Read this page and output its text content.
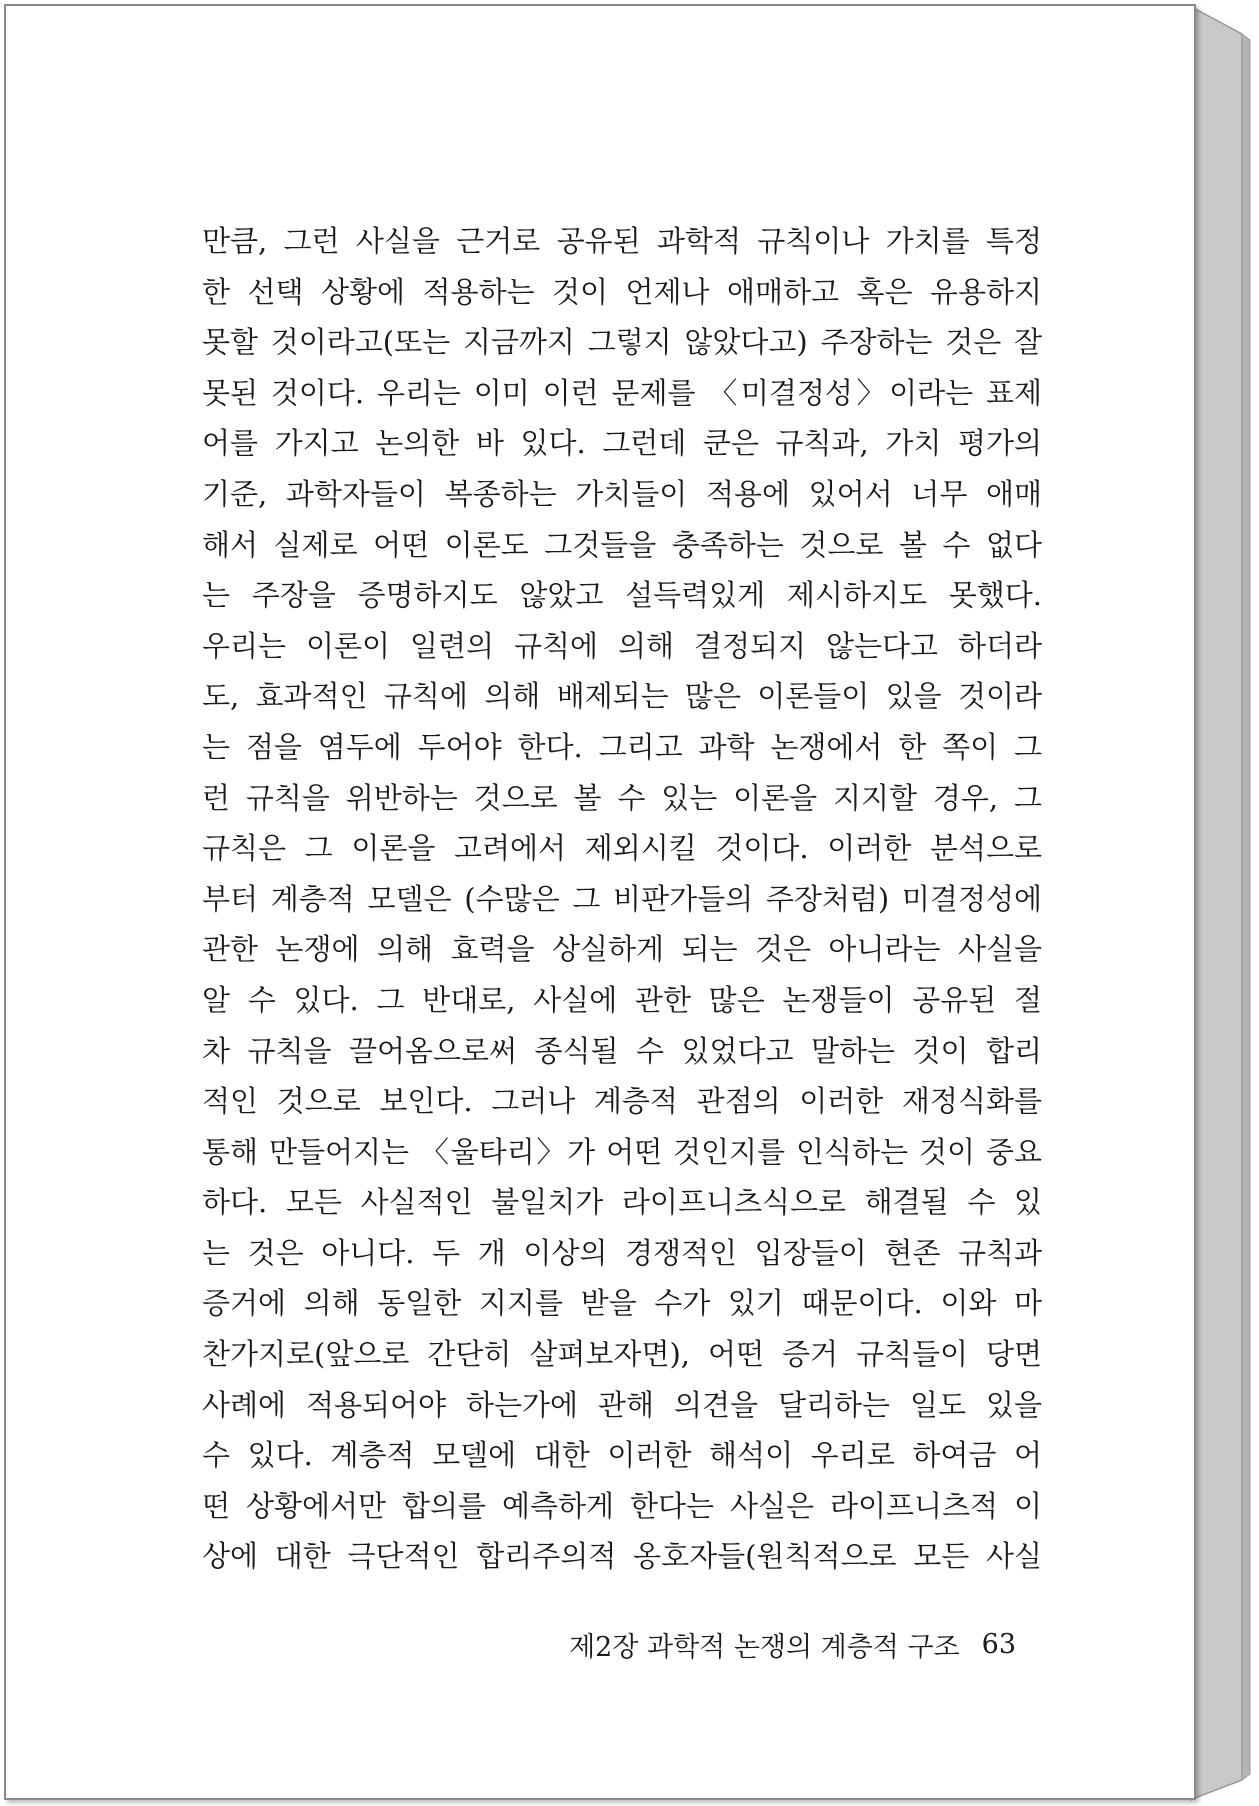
만큼, 그런 사실을 근거로 공유된 과학적 규칙이나 가치를 특정
한 선택 상황에 적용하는 것이 언제나 애매하고 혹은 유용하지
못할 것이라고(또는 지금까지 그렇지 않았다고) 주장하는 것은 잘
못된 것이다. 우리는 이미 이런 문제를 〈미결정성〉이라는 표제
어를 가지고 논의한 바 있다. 그런데 쿤은 규칙과, 가치 평가의
기준, 과학자들이 복종하는 가치들이 적용에 있어서 너무 애매
해서 실제로 어떤 이론도 그것들을 충족하는 것으로 볼 수 없다
는 주장을 증명하지도 않았고 설득력있게 제시하지도 못했다.
우리는 이론이 일련의 규칙에 의해 결정되지 않는다고 하더라
도, 효과적인 규칙에 의해 배제되는 많은 이론들이 있을 것이라
는 점을 염두에 두어야 한다. 그리고 과학 논쟁에서 한 쪽이 그
런 규칙을 위반하는 것으로 볼 수 있는 이론을 지지할 경우, 그
규칙은 그 이론을 고려에서 제외시킬 것이다. 이러한 분석으로
부터 계층적 모델은 (수많은 그 비판가들의 주장처럼) 미결정성에
관한 논쟁에 의해 효력을 상실하게 되는 것은 아니라는 사실을
알 수 있다. 그 반대로, 사실에 관한 많은 논쟁들이 공유된 절
차 규칙을 끌어옴으로써 종식될 수 있었다고 말하는 것이 합리
적인 것으로 보인다. 그러나 계층적 관점의 이러한 재정식화를
통해 만들어지는 〈울타리〉가 어떤 것인지를 인식하는 것이 중요
하다. 모든 사실적인 불일치가 라이프니츠식으로 해결될 수 있
는 것은 아니다. 두 개 이상의 경쟁적인 입장들이 현존 규칙과
증거에 의해 동일한 지지를 받을 수가 있기 때문이다. 이와 마
찬가지로(앞으로 간단히 살펴보자면), 어떤 증거 규칙들이 당면
사례에 적용되어야 하는가에 관해 의견을 달리하는 일도 있을
수 있다. 계층적 모델에 대한 이러한 해석이 우리로 하여금 어
떤 상황에서만 합의를 예측하게 한다는 사실은 라이프니츠적 이
상에 대한 극단적인 합리주의적 옹호자들(원칙적으로 모든 사실
제2장 과학적 논쟁의 계층적 구조 63
